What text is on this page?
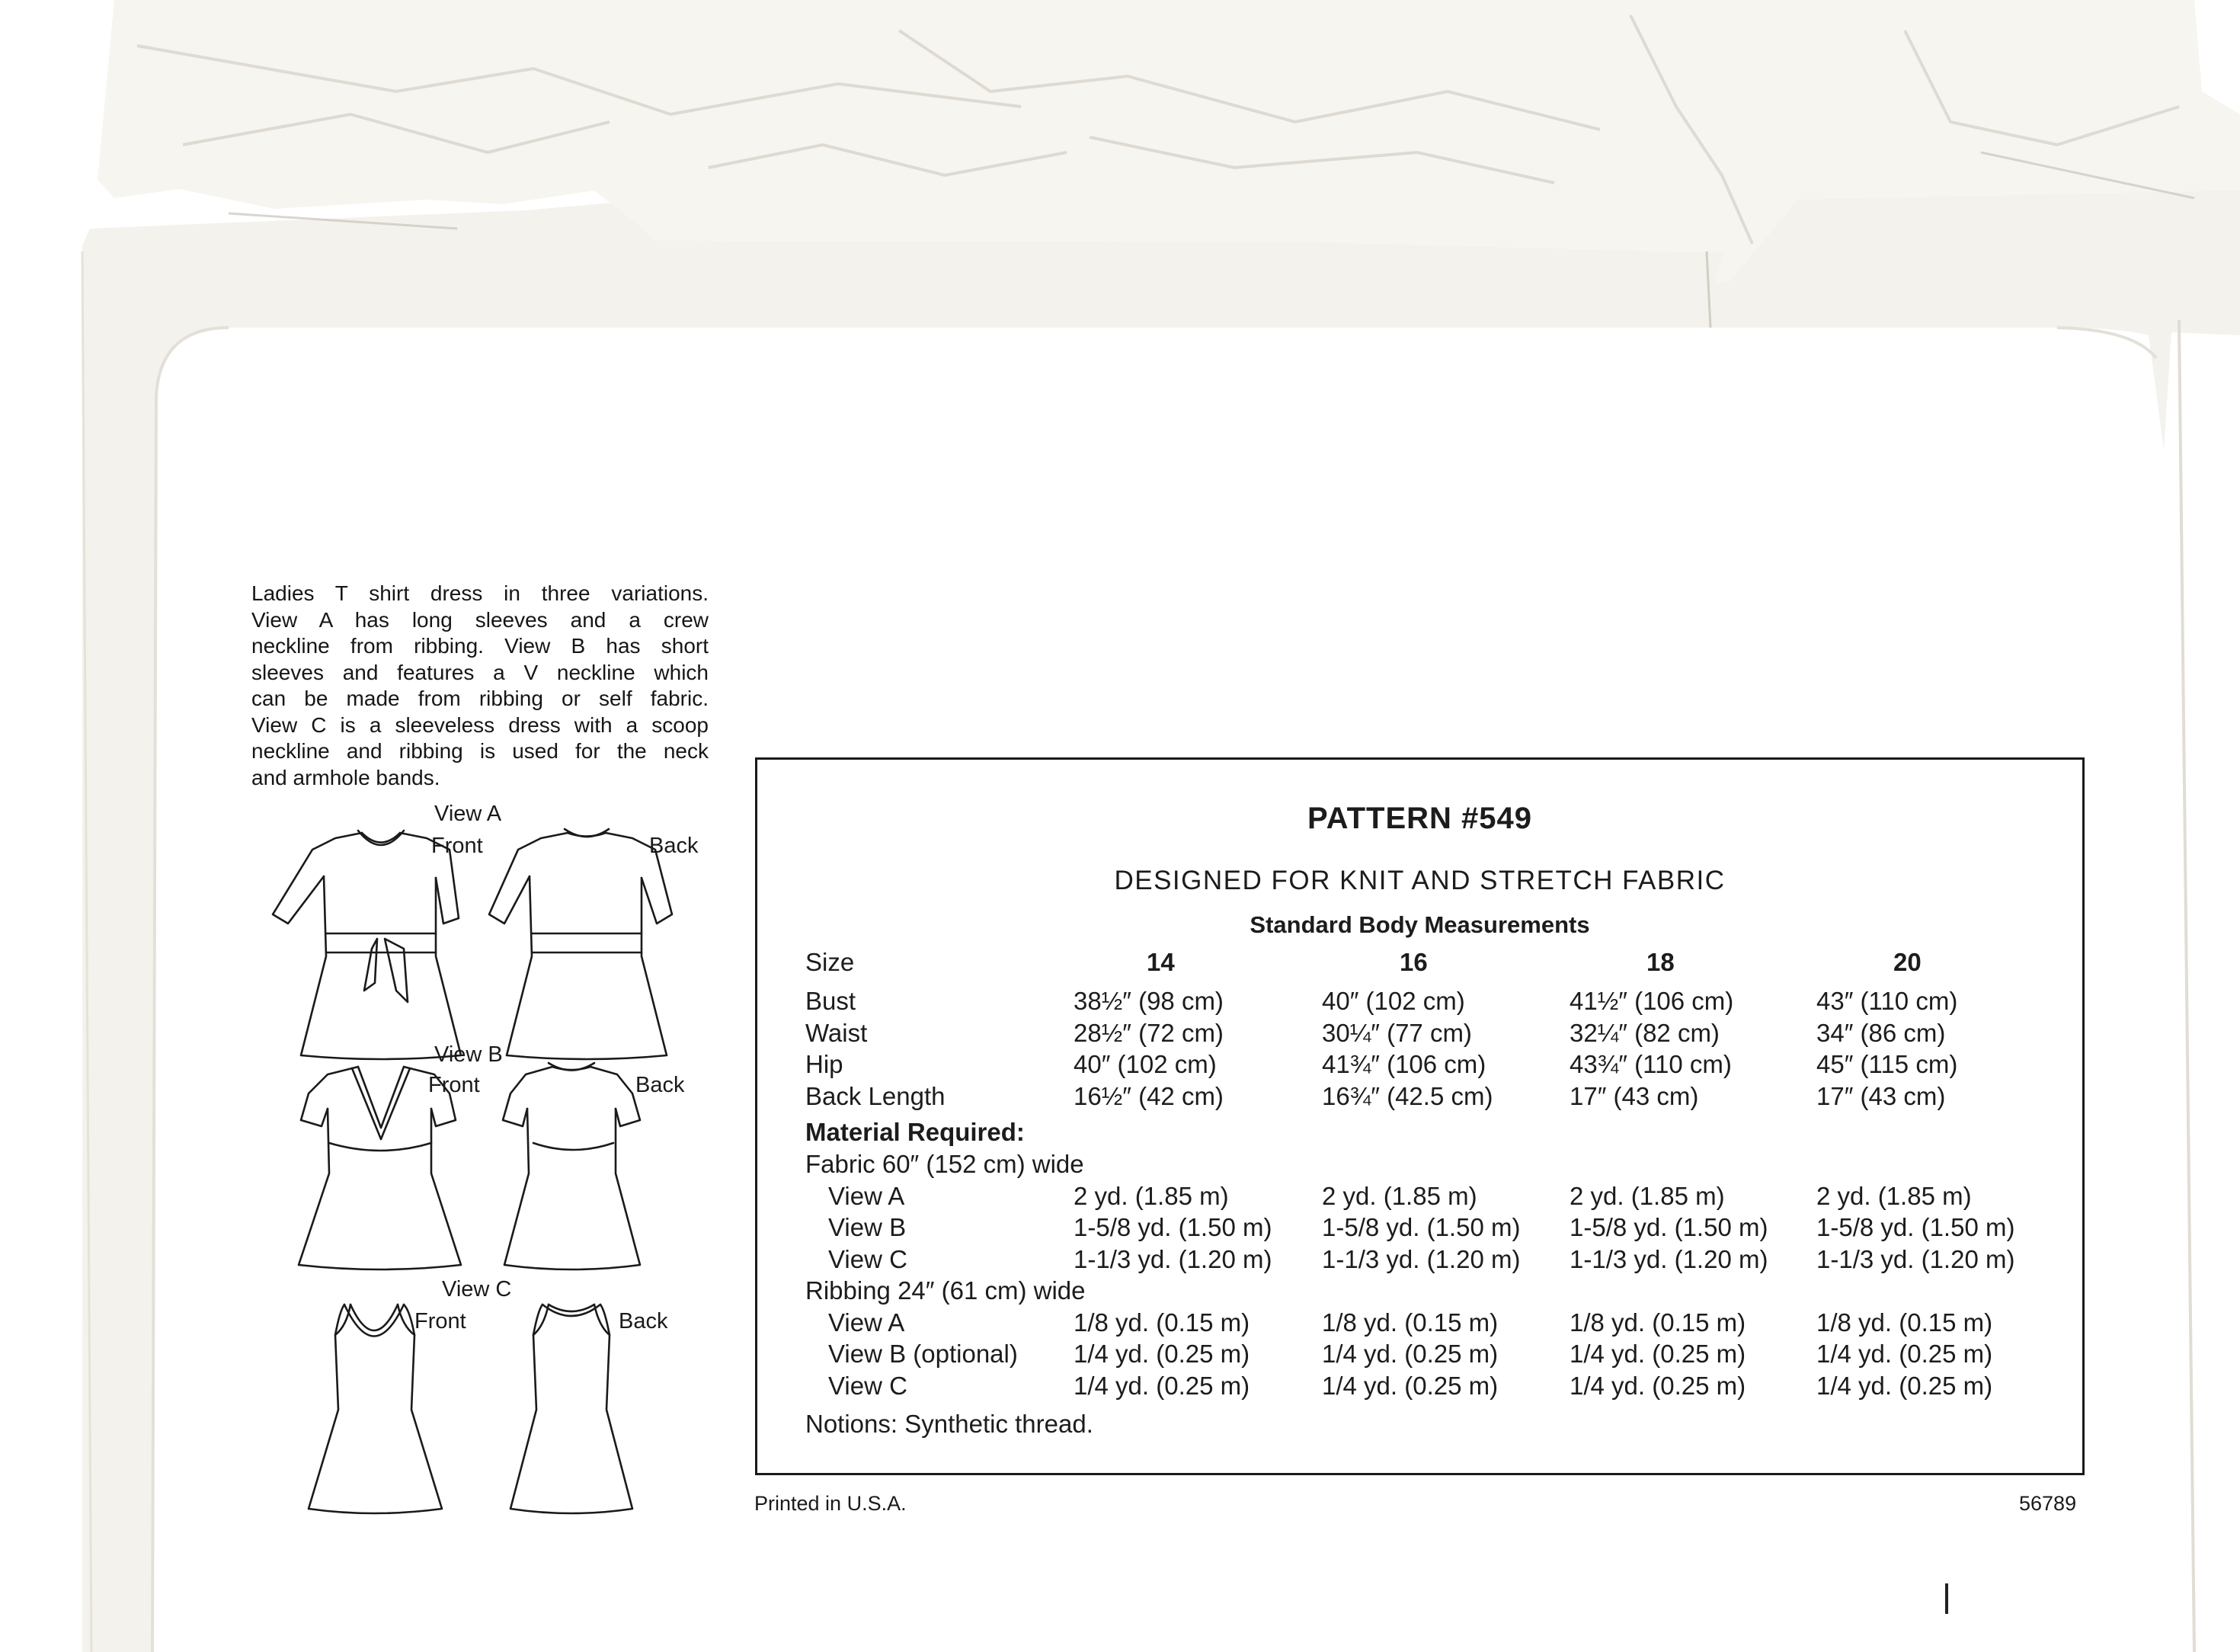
Ladies T shirt dress in three variations.
View A has long sleeves and a crew
neckline from ribbing. View B has short
sleeves and features a V neckline which
can be made from ribbing or self fabric.
View C is a sleeveless dress with a scoop
neckline and ribbing is used for the neck
and armhole bands.
View A
Front	Back
View B
Front	Back
View C
Front	Back
PATTERN #549
DESIGNED FOR KNIT AND STRETCH FABRIC
Standard Body Measurements
Size	14	16	18	20
Bust	38½″ (98 cm)	40″ (102 cm)	41½″ (106 cm)	43″ (110 cm)
Waist	28½″ (72 cm)	30¼″ (77 cm)	32¼″ (82 cm)	34″ (86 cm)
Hip	40″ (102 cm)	41¾″ (106 cm)	43¾″ (110 cm)	45″ (115 cm)
Back Length	16½″ (42 cm)	16¾″ (42.5 cm)	17″ (43 cm)	17″ (43 cm)
Material Required:
Fabric 60″ (152 cm) wide
View A	2 yd. (1.85 m)	2 yd. (1.85 m)	2 yd. (1.85 m)	2 yd. (1.85 m)
View B	1-5/8 yd. (1.50 m) 1-5/8 yd. (1.50 m) 1-5/8 yd. (1.50 m) 1-5/8 yd. (1.50 m)
View C	1-1/3 yd. (1.20 m) 1-1/3 yd. (1.20 m) 1-1/3 yd. (1.20 m) 1-1/3 yd. (1.20 m)
Ribbing 24″ (61 cm) wide
View A	1/8 yd. (0.15 m)	1/8 yd. (0.15 m)	1/8 yd. (0.15 m)	1/8 yd. (0.15 m)
View B (optional) 1/4 yd. (0.25 m)	1/4 yd. (0.25 m)	1/4 yd. (0.25 m)	1/4 yd. (0.25 m)
View C	1/4 yd. (0.25 m)	1/4 yd. (0.25 m)	1/4 yd. (0.25 m)	1/4 yd. (0.25 m)
Notions: Synthetic thread.
Printed in U.S.A.	56789
